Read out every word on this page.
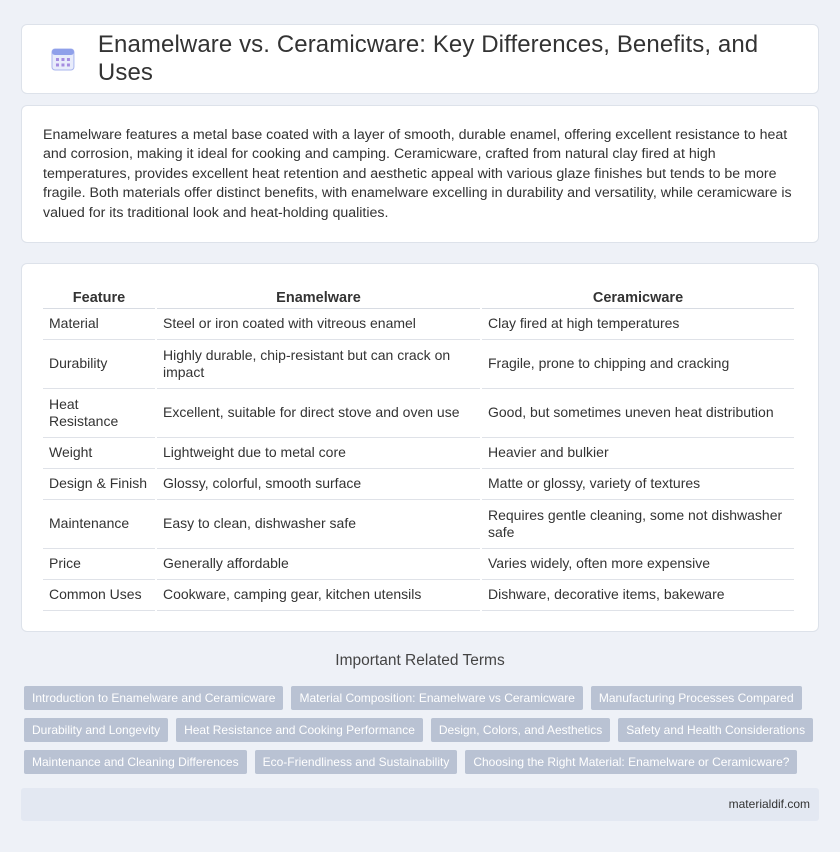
Enamelware vs. Ceramicware: Key Differences, Benefits, and Uses

Enamelware features a metal base coated with a layer of smooth, durable enamel, offering excellent resistance to heat and corrosion, making it ideal for cooking and camping. Ceramicware, crafted from natural clay fired at high temperatures, provides excellent heat retention and aesthetic appeal with various glaze finishes but tends to be more fragile. Both materials offer distinct benefits, with enamelware excelling in durability and versatility, while ceramicware is valued for its traditional look and heat-holding qualities.

Feature	Enamelware	Ceramicware
Material	Steel or iron coated with vitreous enamel	Clay fired at high temperatures
Durability	Highly durable, chip-resistant but can crack on impact	Fragile, prone to chipping and cracking
Heat Resistance	Excellent, suitable for direct stove and oven use	Good, but sometimes uneven heat distribution
Weight	Lightweight due to metal core	Heavier and bulkier
Design & Finish	Glossy, colorful, smooth surface	Matte or glossy, variety of textures
Maintenance	Easy to clean, dishwasher safe	Requires gentle cleaning, some not dishwasher safe
Price	Generally affordable	Varies widely, often more expensive
Common Uses	Cookware, camping gear, kitchen utensils	Dishware, decorative items, bakeware
Important Related Terms
Introduction to Enamelware and Ceramicware	Material Composition: Enamelware vs Ceramicware	Manufacturing Processes Compared
Durability and Longevity	Heat Resistance and Cooking Performance	Design, Colors, and Aesthetics	Safety and Health Considerations
Maintenance and Cleaning Differences	Eco-Friendliness and Sustainability	Choosing the Right Material: Enamelware or Ceramicware?
materialdif.com
